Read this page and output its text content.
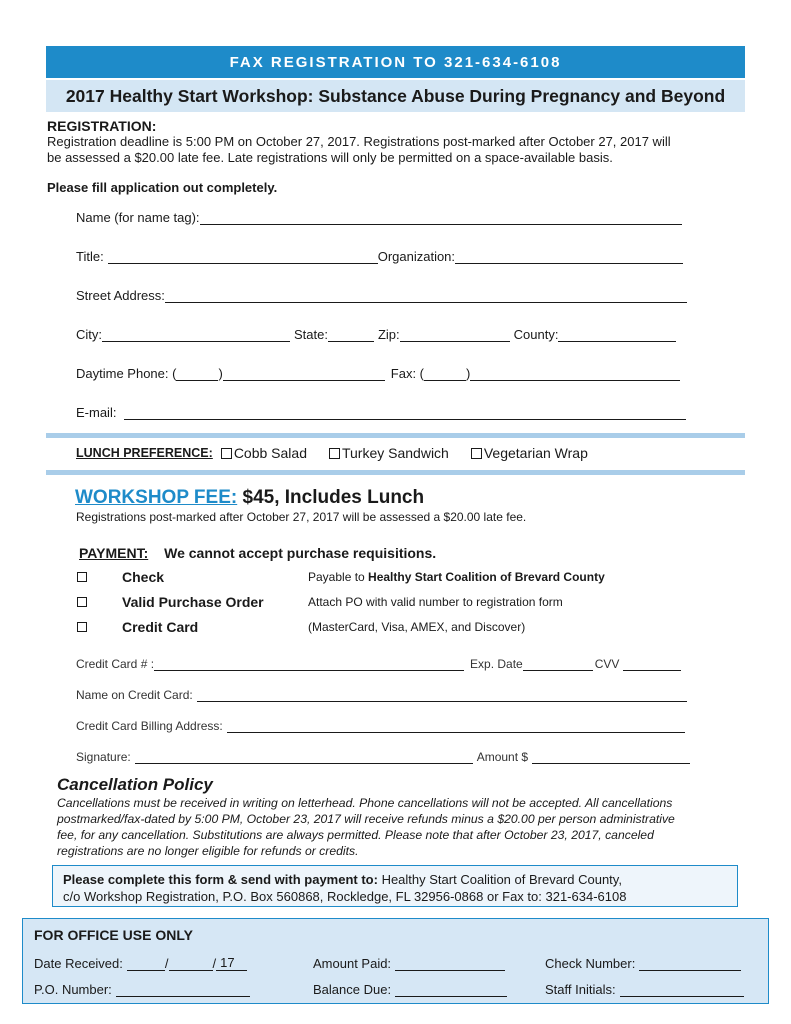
FAX REGISTRATION TO 321-634-6108
2017 Healthy Start Workshop: Substance Abuse During Pregnancy and Beyond
REGISTRATION:
Registration deadline is 5:00 PM on October 27, 2017. Registrations post-marked after October 27, 2017 will
be assessed a $20.00 late fee. Late registrations will only be permitted on a space-available basis.
Please fill application out completely.
Name (for name tag):
Title:	Organization:
Street Address:
City:	State:	Zip:	County:
Daytime Phone: (	)	Fax: (	)
E-mail:
LUNCH PREFERENCE: Cobb Salad	Turkey Sandwich	Vegetarian Wrap
WORKSHOP FEE: $45, Includes Lunch
Registrations post-marked after October 27, 2017 will be assessed a $20.00 late fee.
PAYMENT: We cannot accept purchase requisitions.
Check	Payable to Healthy Start Coalition of Brevard County
Valid Purchase Order	Attach PO with valid number to registration form
Credit Card	(MasterCard, Visa, AMEX, and Discover)
Credit Card # :	Exp. Date	CVV
Name on Credit Card:
Credit Card Billing Address:
Signature:	Amount $
Cancellation Policy
Cancellations must be received in writing on letterhead. Phone cancellations will not be accepted. All cancellations
postmarked/fax-dated by 5:00 PM, October 23, 2017 will receive refunds minus a $20.00 per person administrative
fee, for any cancellation. Substitutions are always permitted. Please note that after October 23, 2017, canceled
registrations are no longer eligible for refunds or credits.
Please complete this form & send with payment to: Healthy Start Coalition of Brevard County,
c/o Workshop Registration, P.O. Box 560868, Rockledge, FL 32956-0868 or Fax to: 321-634-6108
FOR OFFICE USE ONLY
Date Received:	/	/ 17	Amount Paid:	Check Number:
P.O. Number:	Balance Due:	Staff Initials:
